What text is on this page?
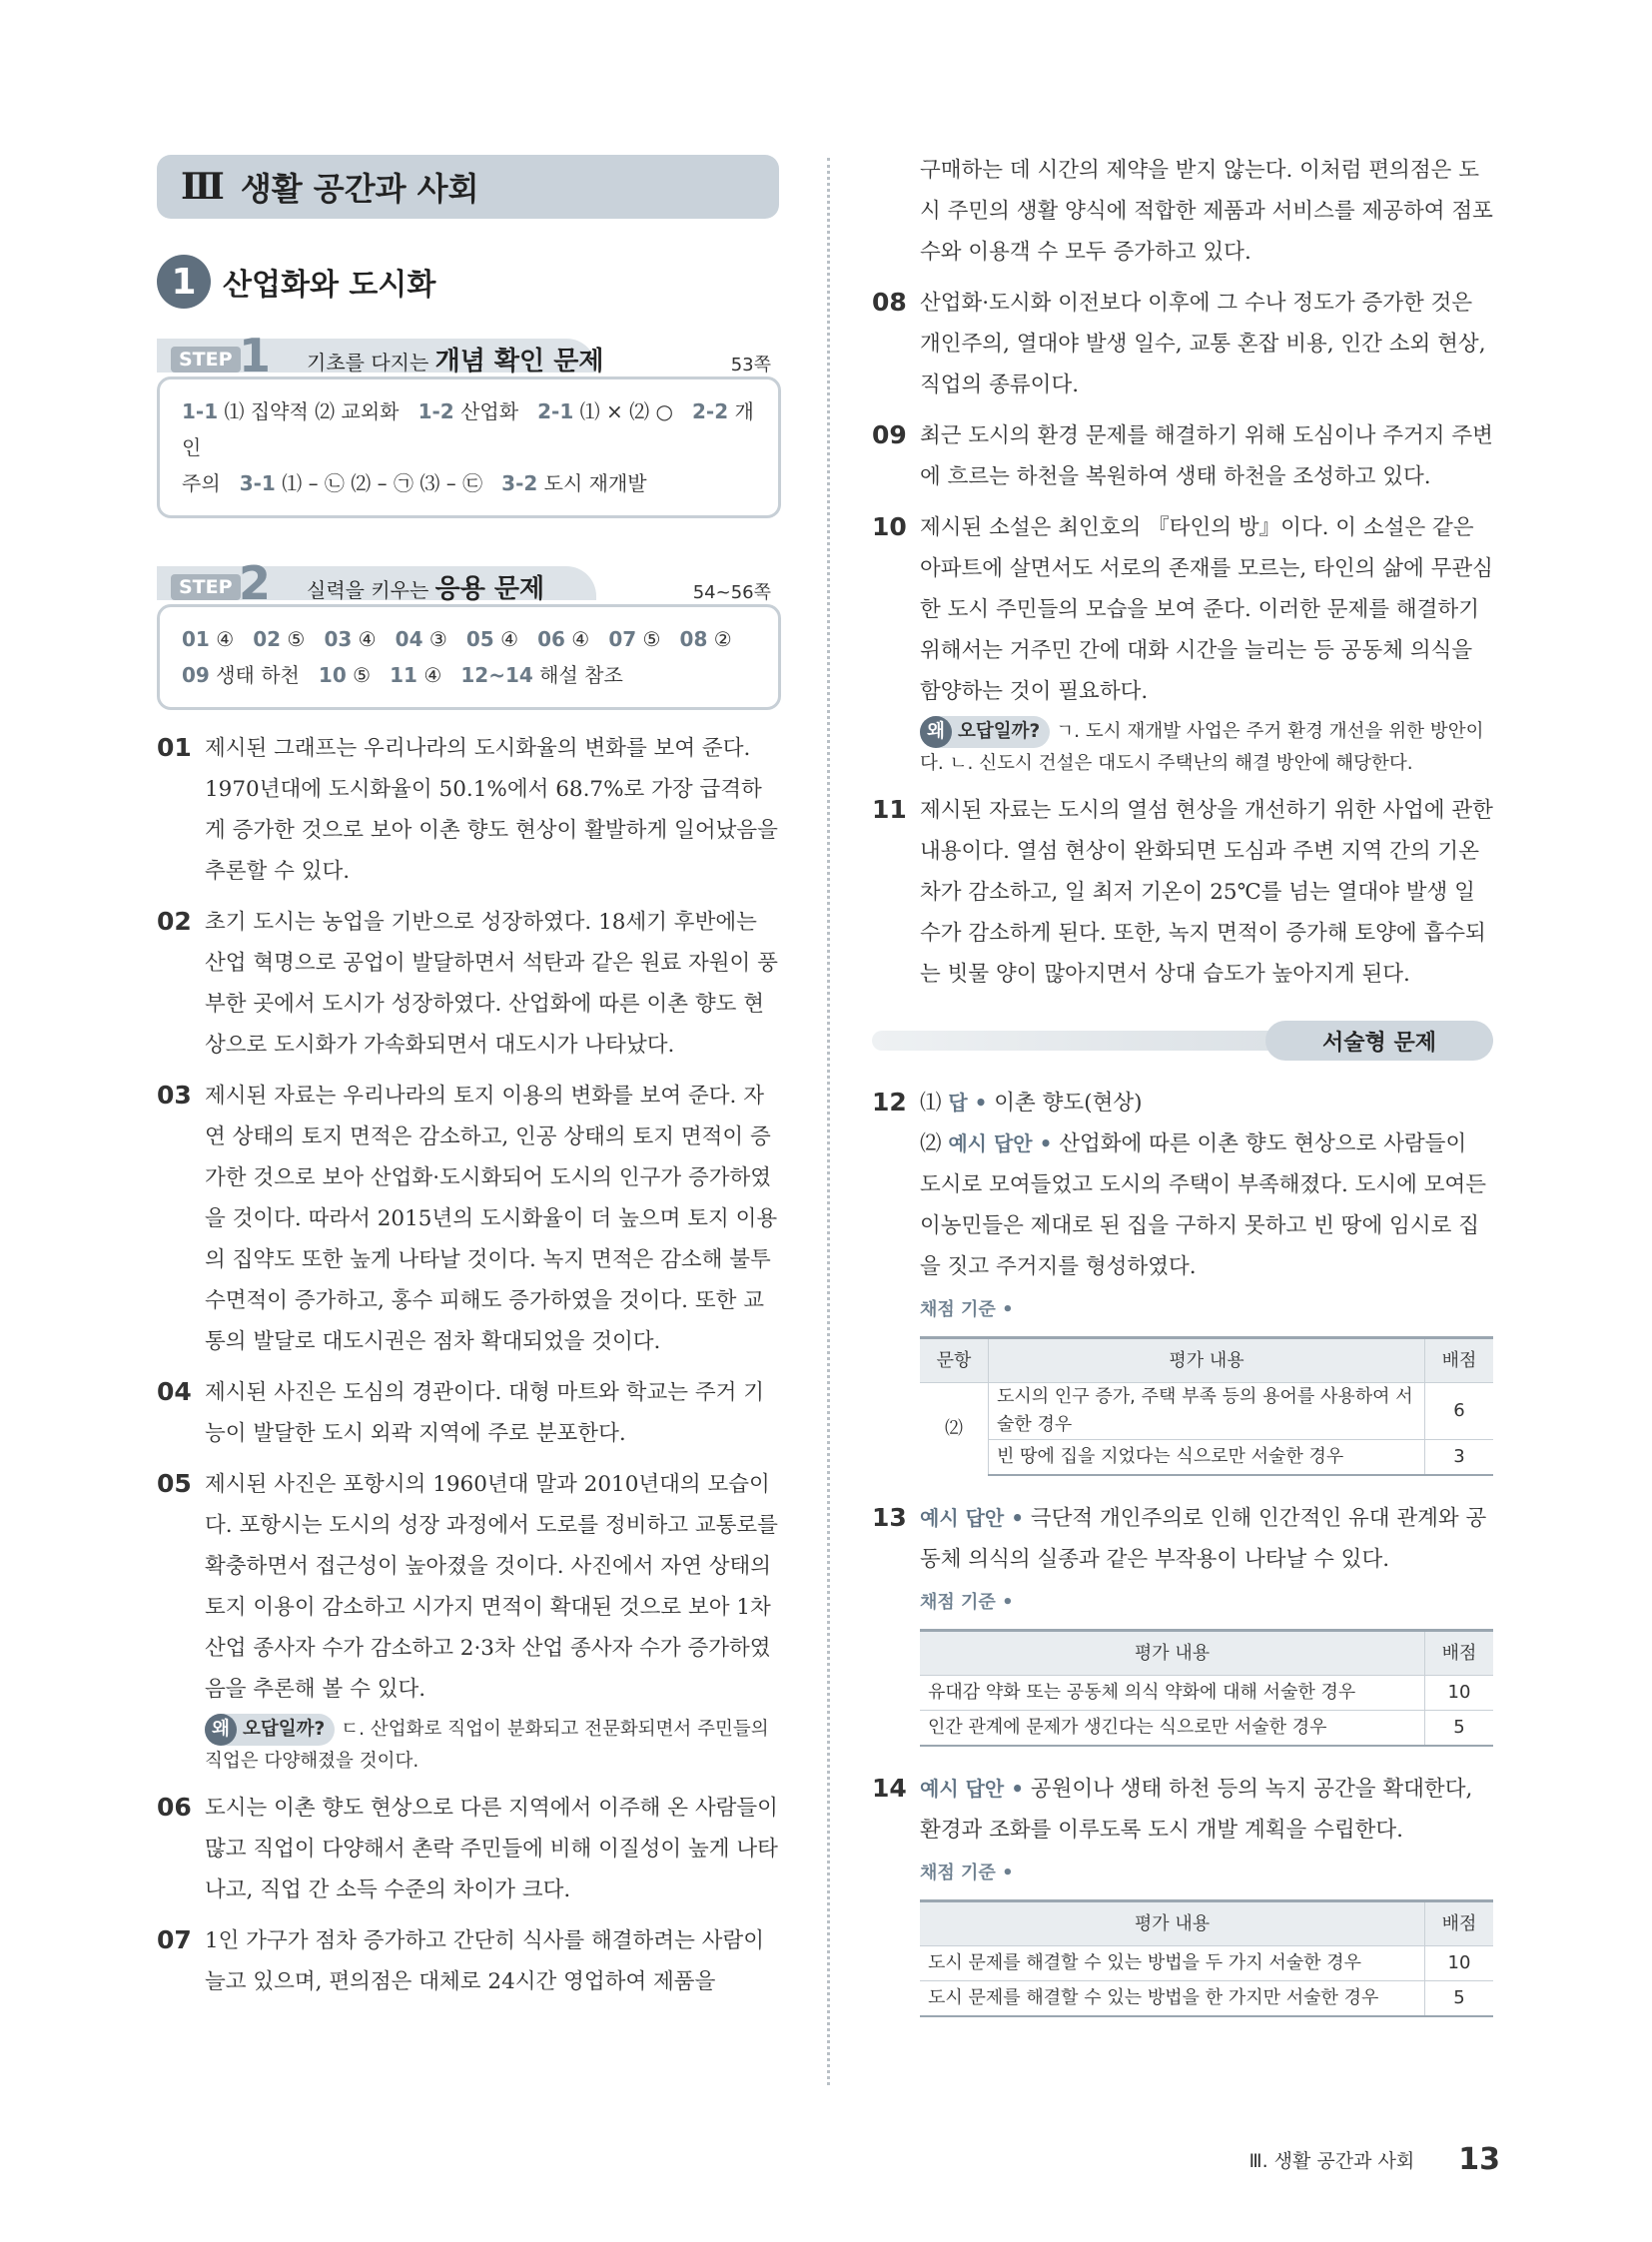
Ⅲ 생활 공간과 사회
1 산업화와 도시화
STEP 1 기초를 다지는 개념 확인 문제	53쪽
1-1 ⑴ 집약적 ⑵ 교외화 1-2 산업화 2-1 ⑴ × ⑵ ○ 2-2 개인
주의 3-1 ⑴ – ㉡ ⑵ – ㉠ ⑶ – ㉢ 3-2 도시 재개발
STEP 2 실력을 키우는 응용 문제	54~56쪽
01 ④ 02 ⑤ 03 ④ 04 ③ 05 ④ 06 ④ 07 ⑤ 08 ②
09 생태 하천 10 ⑤ 11 ④ 12~14 해설 참조
01 제시된 그래프는 우리나라의 도시화율의 변화를 보여 준다. 1970년대에 도시화율이 50.1%에서 68.7%로 가장 급격하게 증가한 것으로 보아 이촌 향도 현상이 활발하게 일어났음을 추론할 수 있다.
02 초기 도시는 농업을 기반으로 성장하였다. 18세기 후반에는 산업 혁명으로 공업이 발달하면서 석탄과 같은 원료 자원이 풍부한 곳에서 도시가 성장하였다. 산업화에 따른 이촌 향도 현상으로 도시화가 가속화되면서 대도시가 나타났다.
03 제시된 자료는 우리나라의 토지 이용의 변화를 보여 준다. 자연 상태의 토지 면적은 감소하고, 인공 상태의 토지 면적이 증가한 것으로 보아 산업화·도시화되어 도시의 인구가 증가하였을 것이다. 따라서 2015년의 도시화율이 더 높으며 토지 이용의 집약도 또한 높게 나타날 것이다. 녹지 면적은 감소해 불투수면적이 증가하고, 홍수 피해도 증가하였을 것이다. 또한 교통의 발달로 대도시권은 점차 확대되었을 것이다.
04 제시된 사진은 도심의 경관이다. 대형 마트와 학교는 주거 기능이 발달한 도시 외곽 지역에 주로 분포한다.
05 제시된 사진은 포항시의 1960년대 말과 2010년대의 모습이다. 포항시는 도시의 성장 과정에서 도로를 정비하고 교통로를 확충하면서 접근성이 높아졌을 것이다. 사진에서 자연 상태의 토지 이용이 감소하고 시가지 면적이 확대된 것으로 보아 1차 산업 종사자 수가 감소하고 2·3차 산업 종사자 수가 증가하였음을 추론해 볼 수 있다.
왜 오답일까? ㄷ. 산업화로 직업이 분화되고 전문화되면서 주민들의 직업은 다양해졌을 것이다.
06 도시는 이촌 향도 현상으로 다른 지역에서 이주해 온 사람들이 많고 직업이 다양해서 촌락 주민들에 비해 이질성이 높게 나타나고, 직업 간 소득 수준의 차이가 크다.
07 1인 가구가 점차 증가하고 간단히 식사를 해결하려는 사람이 늘고 있으며, 편의점은 대체로 24시간 영업하여 제품을
구매하는 데 시간의 제약을 받지 않는다. 이처럼 편의점은 도시 주민의 생활 양식에 적합한 제품과 서비스를 제공하여 점포 수와 이용객 수 모두 증가하고 있다.
08 산업화·도시화 이전보다 이후에 그 수나 정도가 증가한 것은 개인주의, 열대야 발생 일수, 교통 혼잡 비용, 인간 소외 현상, 직업의 종류이다.
09 최근 도시의 환경 문제를 해결하기 위해 도심이나 주거지 주변에 흐르는 하천을 복원하여 생태 하천을 조성하고 있다.
10 제시된 소설은 최인호의 『타인의 방』이다. 이 소설은 같은 아파트에 살면서도 서로의 존재를 모르는, 타인의 삶에 무관심한 도시 주민들의 모습을 보여 준다. 이러한 문제를 해결하기 위해서는 거주민 간에 대화 시간을 늘리는 등 공동체 의식을 함양하는 것이 필요하다.
왜 오답일까? ㄱ. 도시 재개발 사업은 주거 환경 개선을 위한 방안이다. ㄴ. 신도시 건설은 대도시 주택난의 해결 방안에 해당한다.
11 제시된 자료는 도시의 열섬 현상을 개선하기 위한 사업에 관한 내용이다. 열섬 현상이 완화되면 도심과 주변 지역 간의 기온 차가 감소하고, 일 최저 기온이 25℃를 넘는 열대야 발생 일수가 감소하게 된다. 또한, 녹지 면적이 증가해 토양에 흡수되는 빗물 양이 많아지면서 상대 습도가 높아지게 된다.
서술형 문제
12 ⑴ 답 • 이촌 향도(현상)
⑵ 예시 답안 • 산업화에 따른 이촌 향도 현상으로 사람들이 도시로 모여들었고 도시의 주택이 부족해졌다. 도시에 모여든 이농민들은 제대로 된 집을 구하지 못하고 빈 땅에 임시로 집을 짓고 주거지를 형성하였다.
채점 기준 •
문항	평가 내용	배점
⑵	도시의 인구 증가, 주택 부족 등의 용어를 사용하여 서술한 경우	6
	빈 땅에 집을 지었다는 식으로만 서술한 경우	3
13 예시 답안 • 극단적 개인주의로 인해 인간적인 유대 관계와 공동체 의식의 실종과 같은 부작용이 나타날 수 있다.
채점 기준 •
평가 내용	배점
유대감 약화 또는 공동체 의식 약화에 대해 서술한 경우	10
인간 관계에 문제가 생긴다는 식으로만 서술한 경우	5
14 예시 답안 • 공원이나 생태 하천 등의 녹지 공간을 확대한다, 환경과 조화를 이루도록 도시 개발 계획을 수립한다.
채점 기준 •
평가 내용	배점
도시 문제를 해결할 수 있는 방법을 두 가지 서술한 경우	10
도시 문제를 해결할 수 있는 방법을 한 가지만 서술한 경우	5
Ⅲ. 생활 공간과 사회 13
